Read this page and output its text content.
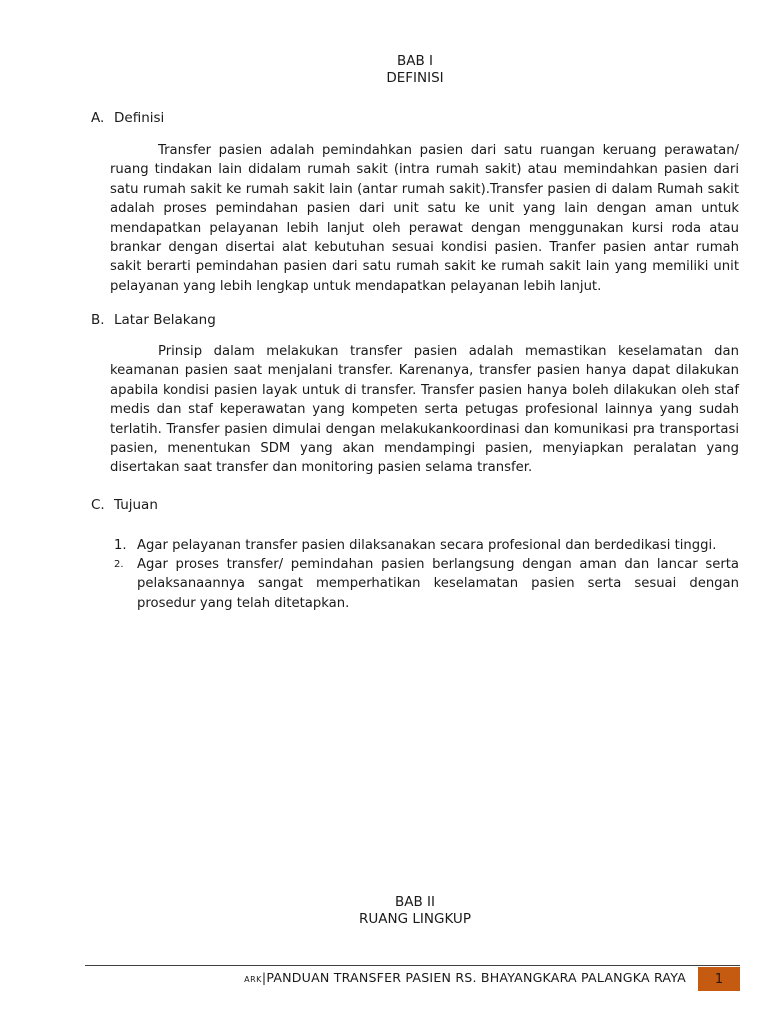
BAB I
DEFINISI
A. Definisi

Transfer pasien adalah pemindahkan pasien dari satu ruangan keruang perawatan/ ruang tindakan lain didalam rumah sakit (intra rumah sakit) atau memindahkan pasien dari satu rumah sakit ke rumah sakit lain (antar rumah sakit).Transfer pasien di dalam Rumah sakit adalah proses pemindahan pasien dari unit satu ke unit yang lain dengan aman untuk mendapatkan pelayanan lebih lanjut oleh perawat dengan menggunakan kursi roda atau brankar dengan disertai alat kebutuhan sesuai kondisi pasien. Tranfer pasien antar rumah sakit berarti pemindahan pasien dari satu rumah sakit ke rumah sakit lain yang memiliki unit pelayanan yang lebih lengkap untuk mendapatkan pelayanan lebih lanjut.

B. Latar Belakang

Prinsip dalam melakukan transfer pasien adalah memastikan keselamatan dan keamanan pasien saat menjalani transfer. Karenanya, transfer pasien hanya dapat dilakukan apabila kondisi pasien layak untuk di transfer. Transfer pasien hanya boleh dilakukan oleh staf medis dan staf keperawatan yang kompeten serta petugas profesional lainnya yang sudah terlatih. Transfer pasien dimulai dengan melakukankoordinasi dan komunikasi pra transportasi pasien, menentukan SDM yang akan mendampingi pasien, menyiapkan peralatan yang disertakan saat transfer dan monitoring pasien selama transfer.

C. Tujuan
1. Agar pelayanan transfer pasien dilaksanakan secara profesional dan berdedikasi tinggi.
2. Agar proses transfer/ pemindahan pasien berlangsung dengan aman dan lancar serta pelaksanaannya sangat memperhatikan keselamatan pasien serta sesuai dengan prosedur yang telah ditetapkan.
BAB II
RUANG LINGKUP
ARK|PANDUAN TRANSFER PASIEN RS. BHAYANGKARA PALANGKA RAYA 1
